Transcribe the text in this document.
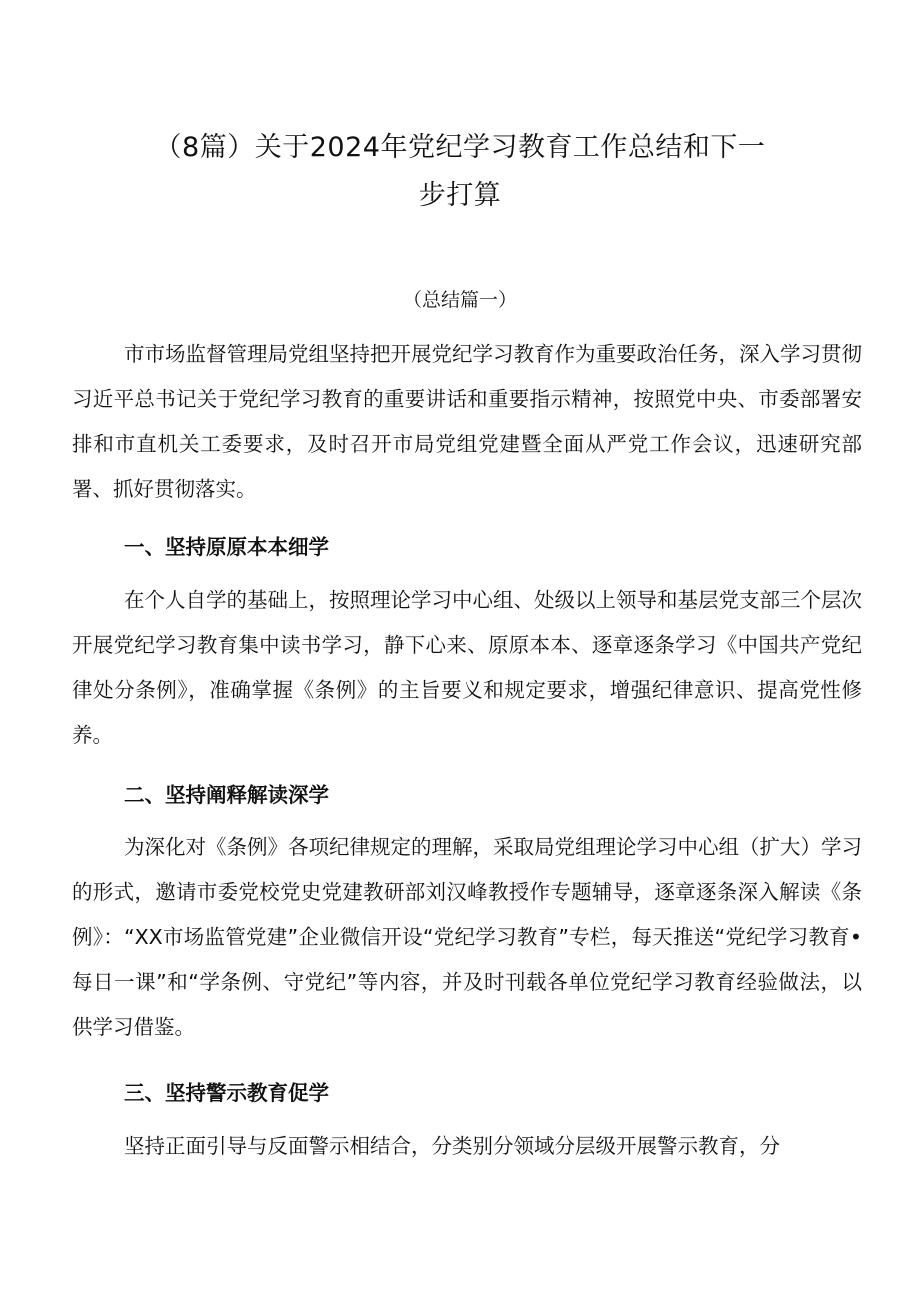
（8篇）关于2024年党纪学习教育工作总结和下一
步打算

（总结篇一）

市市场监督管理局党组坚持把开展党纪学习教育作为重要政治任务，深入学习贯彻习近平总书记关于党纪学习教育的重要讲话和重要指示精神，按照党中央、市委部署安排和市直机关工委要求，及时召开市局党组党建暨全面从严党工作会议，迅速研究部署、抓好贯彻落实。

一、坚持原原本本细学

在个人自学的基础上，按照理论学习中心组、处级以上领导和基层党支部三个层次开展党纪学习教育集中读书学习，静下心来、原原本本、逐章逐条学习《中国共产党纪律处分条例》，准确掌握《条例》的主旨要义和规定要求，增强纪律意识、提高党性修养。

二、坚持阐释解读深学

为深化对《条例》各项纪律规定的理解，采取局党组理论学习中心组（扩大）学习的形式，邀请市委党校党史党建教研部刘汉峰教授作专题辅导，逐章逐条深入解读《条例》：“XX市场监管党建”企业微信开设“党纪学习教育”专栏，每天推送“党纪学习教育•每日一课”和“学条例、守党纪”等内容，并及时刊载各单位党纪学习教育经验做法，以供学习借鉴。

三、坚持警示教育促学

坚持正面引导与反面警示相结合，分类别分领域分层级开展警示教育，分
